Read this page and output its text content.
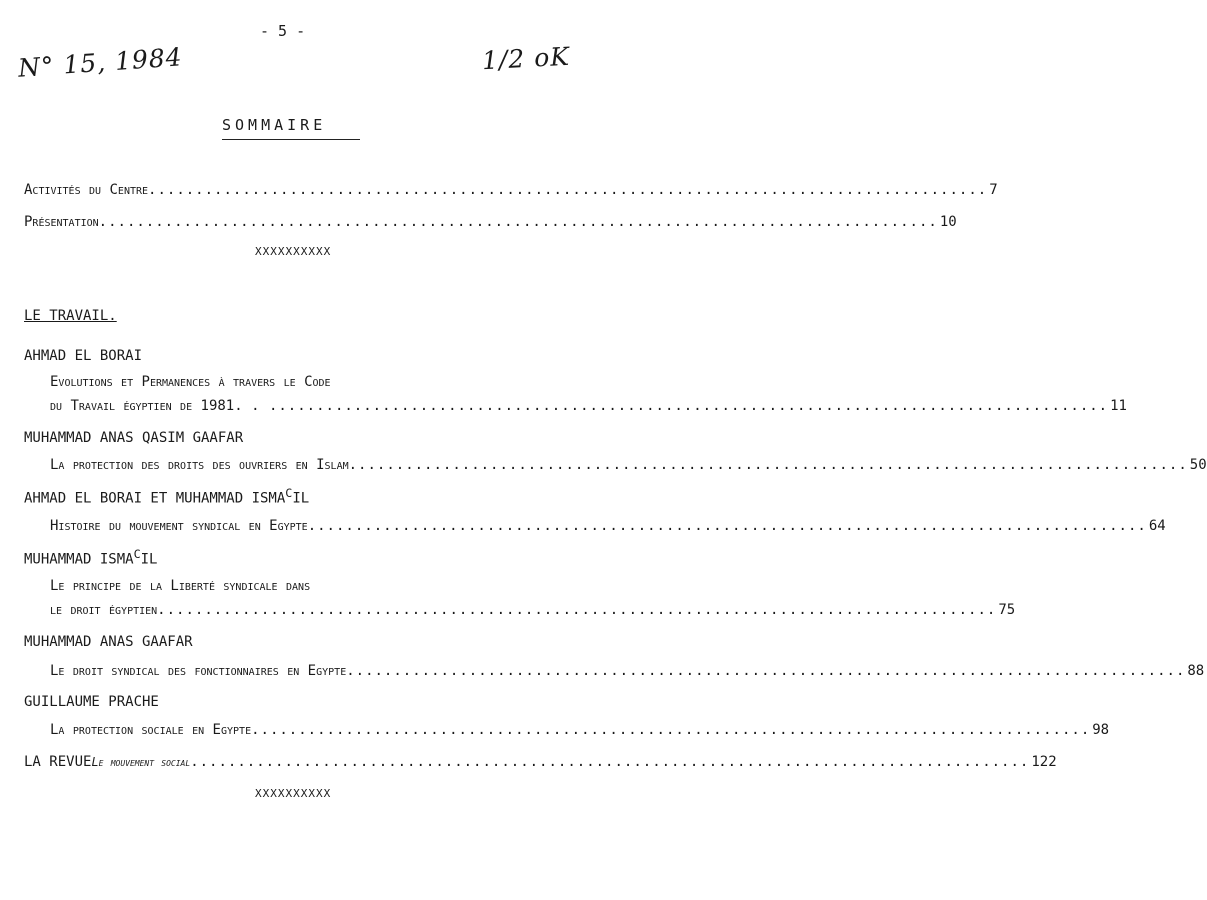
- 5 -
N° 15, 1984	1/2 oK
SOMMAIRE
Activités du Centre ......................................................................................... 7
Présentation ......................................................................................... 10
XXXXXXXXXX
LE TRAVAIL.
AHMAD EL BORAI
Evolutions et Permanences à travers le Code
du Travail égyptien de 1981. . ......................................................................................... 11
MUHAMMAD ANAS QASIM GAAFAR
La protection des droits des ouvriers en Islam ......................................................................................... 50
AHMAD EL BORAI ET MUHAMMAD $ISMA^CIL$
Histoire du mouvement syndical en Egypte ......................................................................................... 64
MUHAMMAD $ISMA^CIL$
Le principe de la Liberté syndicale dans
le droit égyptien ......................................................................................... 75
MUHAMMAD ANAS GAAFAR
Le droit syndical des fonctionnaires en Egypte ......................................................................................... 88
GUILLAUME PRACHE
La protection sociale en Egypte ......................................................................................... 98
LA REVUE Le mouvement social ......................................................................................... 122
XXXXXXXXXX
